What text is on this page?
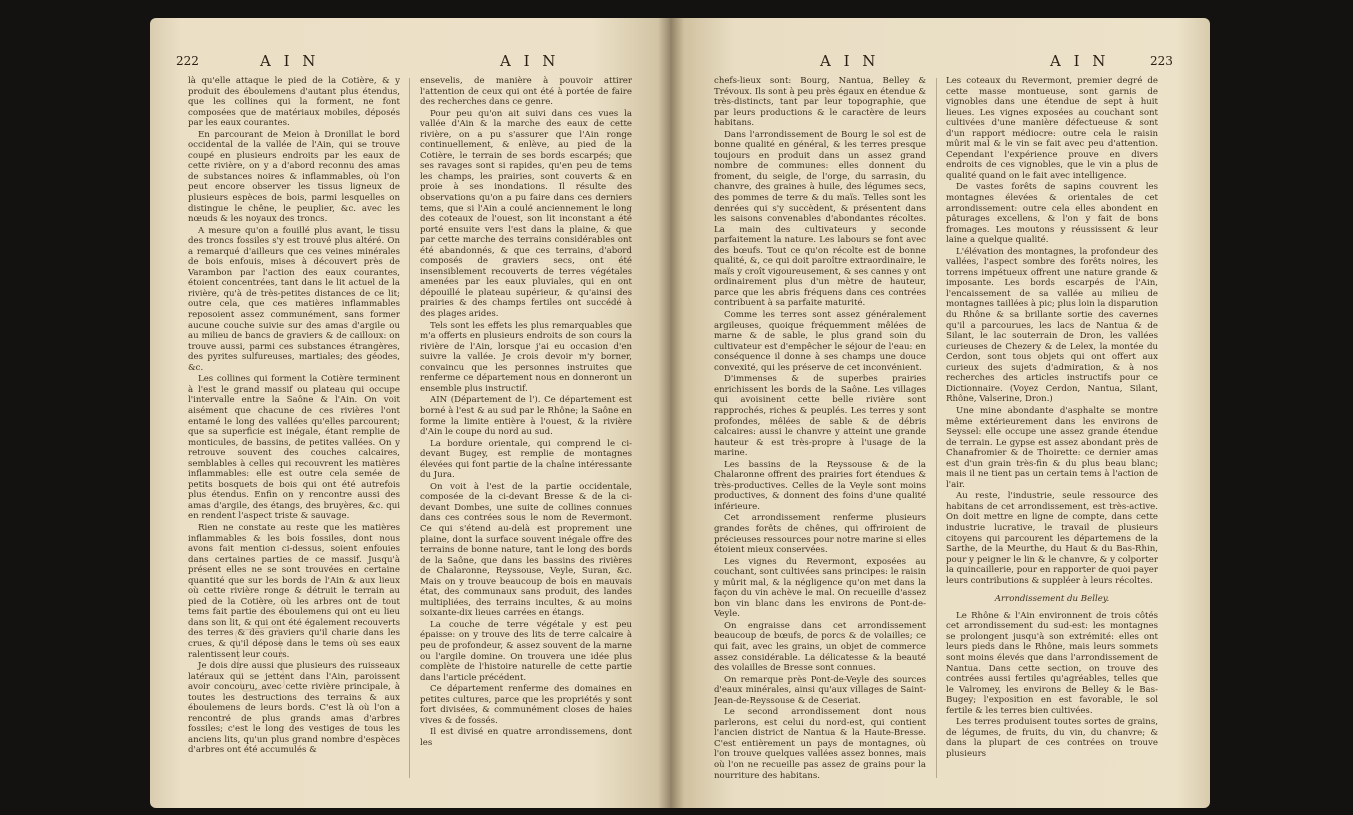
222	A I N	A I N

là qu'elle attaque le pied de la Cotière, & y produit des éboulemens d'autant plus étendus, que les collines qui la forment, ne font composées que de matériaux mobiles, déposés par les eaux courantes.

En parcourant de Meion à Dronillat le bord occidental de la vallée de l'Ain, qui se trouve coupé en plusieurs endroits par les eaux de cette rivière, on y a d'abord reconnu des amas de substances noires & inflammables, où l'on peut encore observer les tissus ligneux de plusieurs espèces de bois, parmi lesquelles on distingue le chêne, le peuplier, &c. avec les nœuds & les noyaux des troncs.

A mesure qu'on a fouillé plus avant, le tissu des troncs fossiles s'y est trouvé plus altéré. On a remarqué d'ailleurs que ces veines minérales de bois enfouis, mises à découvert près de Varambon par l'action des eaux courantes, étoient concentrées, tant dans le lit actuel de la rivière, qu'à de très-petites distances de ce lit; outre cela, que ces matières inflammables reposoient assez communément, sans former aucune couche suivie sur des amas d'argile ou au milieu de bancs de graviers & de cailloux: on trouve aussi, parmi ces substances étrangères, des pyrites sulfureuses, martiales; des géodes, &c.

Les collines qui forment la Cotière terminent à l'est le grand massif ou plateau qui occupe l'intervalle entre la Saône & l'Ain. On voit aisément que chacune de ces rivières l'ont entamé le long des vallées qu'elles parcourent; que sa superficie est inégale, étant remplie de monticules, de bassins, de petites vallées. On y retrouve souvent des couches calcaires, semblables à celles qui recouvrent les matières inflammables: elle est outre cela semée de petits bosquets de bois qui ont été autrefois plus étendus. Enfin on y rencontre aussi des amas d'argile, des étangs, des bruyères, &c. qui en rendent l'aspect triste & sauvage.

Rien ne constate au reste que les matières inflammables & les bois fossiles, dont nous avons fait mention ci-dessus, soient enfouies dans certaines parties de ce massif. Jusqu'à présent elles ne se sont trouvées en certaine quantité que sur les bords de l'Ain & aux lieux où cette rivière ronge & détruit le terrain au pied de la Cotière, où les arbres ont de tout tems fait partie des éboulemens qui ont eu lieu dans son lit, & qui ont été également recouverts des terres & des graviers qu'il charie dans les crues, & qu'il dépose dans le tems où ses eaux ralentissent leur cours.

Je dois dire aussi que plusieurs des ruisseaux latéraux qui se jettent dans l'Ain, paroissent avoir concouru, avec cette rivière principale, à toutes les destructions des terrains & aux éboulemens de leurs bords. C'est là où l'on a rencontré de plus grands amas d'arbres fossiles; c'est le long des vestiges de tous les anciens lits, qu'un plus grand nombre d'espèces d'arbres ont été accumulés &

ensevelis, de manière à pouvoir attirer l'attention de ceux qui ont été à portée de faire des recherches dans ce genre.

Pour peu qu'on ait suivi dans ces vues la vallée d'Ain & la marche des eaux de cette rivière, on a pu s'assurer que l'Ain ronge continuellement, & enlève, au pied de la Cotière, le terrain de ses bords escarpés; que ses ravages sont si rapides, qu'en peu de tems les champs, les prairies, sont couverts & en proie à ses inondations. Il résulte des observations qu'on a pu faire dans ces derniers tems, que si l'Ain a coulé anciennement le long des coteaux de l'ouest, son lit inconstant a été porté ensuite vers l'est dans la plaine, & que par cette marche des terrains considérables ont été abandonnés, & que ces terrains, d'abord composés de graviers secs, ont été insensiblement recouverts de terres végétales amenées par les eaux pluviales, qui en ont dépouillé le plateau supérieur, & qu'ainsi des prairies & des champs fertiles ont succédé à des plages arides.

Tels sont les effets les plus remarquables que m'a offerts en plusieurs endroits de son cours la rivière de l'Ain, lorsque j'ai eu occasion d'en suivre la vallée. Je crois devoir m'y borner, convaincu que les personnes instruites que renferme ce département nous en donneront un ensemble plus instructif.

AIN (Département de l'). Ce département est borné à l'est & au sud par le Rhône; la Saône en forme la limite entière à l'ouest, & la rivière d'Ain le coupe du nord au sud.

La bordure orientale, qui comprend le ci-devant Bugey, est remplie de montagnes élevées qui font partie de la chaîne intéressante du Jura.

On voit à l'est de la partie occidentale, composée de la ci-devant Bresse & de la ci-devant Dombes, une suite de collines connues dans ces contrées sous le nom de Revermont. Ce qui s'étend au-delà est proprement une plaine, dont la surface souvent inégale offre des terrains de bonne nature, tant le long des bords de la Saône, que dans les bassins des rivières de Chalaronne, Reyssouse, Veyle, Suran, &c. Mais on y trouve beaucoup de bois en mauvais état, des communaux sans produit, des landes multipliées, des terrains incultes, & au moins soixante-dix lieues carrées en étangs.

La couche de terre végétale y est peu épaisse: on y trouve des lits de terre calcaire à peu de profondeur, & assez souvent de la marne ou l'argile domine. On trouvera une idée plus complète de l'histoire naturelle de cette partie dans l'article précédent.

Ce département renferme des domaines en petites cultures, parce que les propriétés y sont fort divisées, & communément closes de haies vives & de fossés.

Il est divisé en quatre arrondissemens, dont les

A I N	A I N	223

chefs-lieux sont: Bourg, Nantua, Belley & Trévoux. Ils sont à peu près égaux en étendue & très-distincts, tant par leur topographie, que par leurs productions & le caractère de leurs habitans.

Dans l'arrondissement de Bourg le sol est de bonne qualité en général, & les terres presque toujours en produit dans un assez grand nombre de communes: elles donnent du froment, du seigle, de l'orge, du sarrasin, du chanvre, des graines à huile, des légumes secs, des pommes de terre & du maïs. Telles sont les denrées qui s'y succèdent, & présentent dans les saisons convenables d'abondantes récoltes. La main des cultivateurs y seconde parfaitement la nature. Les labours se font avec des bœufs. Tout ce qu'on récolte est de bonne qualité, &, ce qui doit paroître extraordinaire, le maïs y croît vigoureusement, & ses cannes y ont ordinairement plus d'un mètre de hauteur, parce que les abris fréquens dans ces contrées contribuent à sa parfaite maturité.

Comme les terres sont assez généralement argileuses, quoique fréquemment mêlées de marne & de sable, le plus grand soin du cultivateur est d'empêcher le séjour de l'eau: en conséquence il donne à ses champs une douce convexité, qui les préserve de cet inconvénient.

D'immenses & de superbes prairies enrichissent les bords de la Saône. Les villages qui avoisinent cette belle rivière sont rapprochés, riches & peuplés. Les terres y sont profondes, mêlées de sable & de débris calcaires: aussi le chanvre y atteint une grande hauteur & est très-propre à l'usage de la marine.

Les bassins de la Reyssouse & de la Chalaronne offrent des prairies fort étendues & très-productives. Celles de la Veyle sont moins productives, & donnent des foins d'une qualité inférieure.

Cet arrondissement renferme plusieurs grandes forêts de chênes, qui offriroient de précieuses ressources pour notre marine si elles étoient mieux conservées.

Les vignes du Revermont, exposées au couchant, sont cultivées sans principes: le raisin y mûrit mal, & la négligence qu'on met dans la façon du vin achève le mal. On recueille d'assez bon vin blanc dans les environs de Pont-de-Veyle.

On engraisse dans cet arrondissement beaucoup de bœufs, de porcs & de volailles; ce qui fait, avec les grains, un objet de commerce assez considérable. La délicatesse & la beauté des volailles de Bresse sont connues.

On remarque près Pont-de-Veyle des sources d'eaux minérales, ainsi qu'aux villages de Saint-Jean-de-Reyssouse & de Ceseriat.

Le second arrondissement dont nous parlerons, est celui du nord-est, qui contient l'ancien district de Nantua & la Haute-Bresse. C'est entièrement un pays de montagnes, où l'on trouve quelques vallées assez bonnes, mais où l'on ne recueille pas assez de grains pour la nourriture des habitans.

Les coteaux du Revermont, premier degré de cette masse montueuse, sont garnis de vignobles dans une étendue de sept à huit lieues. Les vignes exposées au couchant sont cultivées d'une manière défectueuse & sont d'un rapport médiocre: outre cela le raisin mûrit mal & le vin se fait avec peu d'attention. Cependant l'expérience prouve en divers endroits de ces vignobles, que le vin a plus de qualité quand on le fait avec intelligence.

De vastes forêts de sapins couvrent les montagnes élevées & orientales de cet arrondissement: outre cela elles abondent en pâturages excellens, & l'on y fait de bons fromages. Les moutons y réussissent & leur laine a quelque qualité.

L'élévation des montagnes, la profondeur des vallées, l'aspect sombre des forêts noires, les torrens impétueux offrent une nature grande & imposante. Les bords escarpés de l'Ain, l'encaissement de sa vallée au milieu de montagnes taillées à pic; plus loin la disparution du Rhône & sa brillante sortie des cavernes qu'il a parcourues, les lacs de Nantua & de Silant, le lac souterrain de Dron, les vallées curieuses de Chezery & de Lelex, la montée du Cerdon, sont tous objets qui ont offert aux curieux des sujets d'admiration, & à nos recherches des articles instructifs pour ce Dictionnaire. (Voyez Cerdon, Nantua, Silant, Rhône, Valserine, Dron.)

Une mine abondante d'asphalte se montre même extérieurement dans les environs de Seyssel: elle occupe une assez grande étendue de terrain. Le gypse est assez abondant près de Chanafromier & de Thoirette: ce dernier amas est d'un grain très-fin & du plus beau blanc; mais il ne tient pas un certain tems à l'action de l'air.

Au reste, l'industrie, seule ressource des habitans de cet arrondissement, est très-active. On doit mettre en ligne de compte, dans cette industrie lucrative, le travail de plusieurs citoyens qui parcourent les départemens de la Sarthe, de la Meurthe, du Haut & du Bas-Rhin, pour y peigner le lin & le chanvre, & y colporter la quincaillerie, pour en rapporter de quoi payer leurs contributions & suppléer à leurs récoltes.

Arrondissement du Belley.

Le Rhône & l'Ain environnent de trois côtés cet arrondissement du sud-est: les montagnes se prolongent jusqu'à son extrémité: elles ont leurs pieds dans le Rhône, mais leurs sommets sont moins élevés que dans l'arrondissement de Nantua. Dans cette section, on trouve des contrées aussi fertiles qu'agréables, telles que le Valromey, les environs de Belley & le Bas-Bugey; l'exposition en est favorable, le sol fertile & les terres bien cultivées.

Les terres produisent toutes sortes de grains, de légumes, de fruits, du vin, du chanvre; & dans la plupart de ces contrées on trouve plusieurs
